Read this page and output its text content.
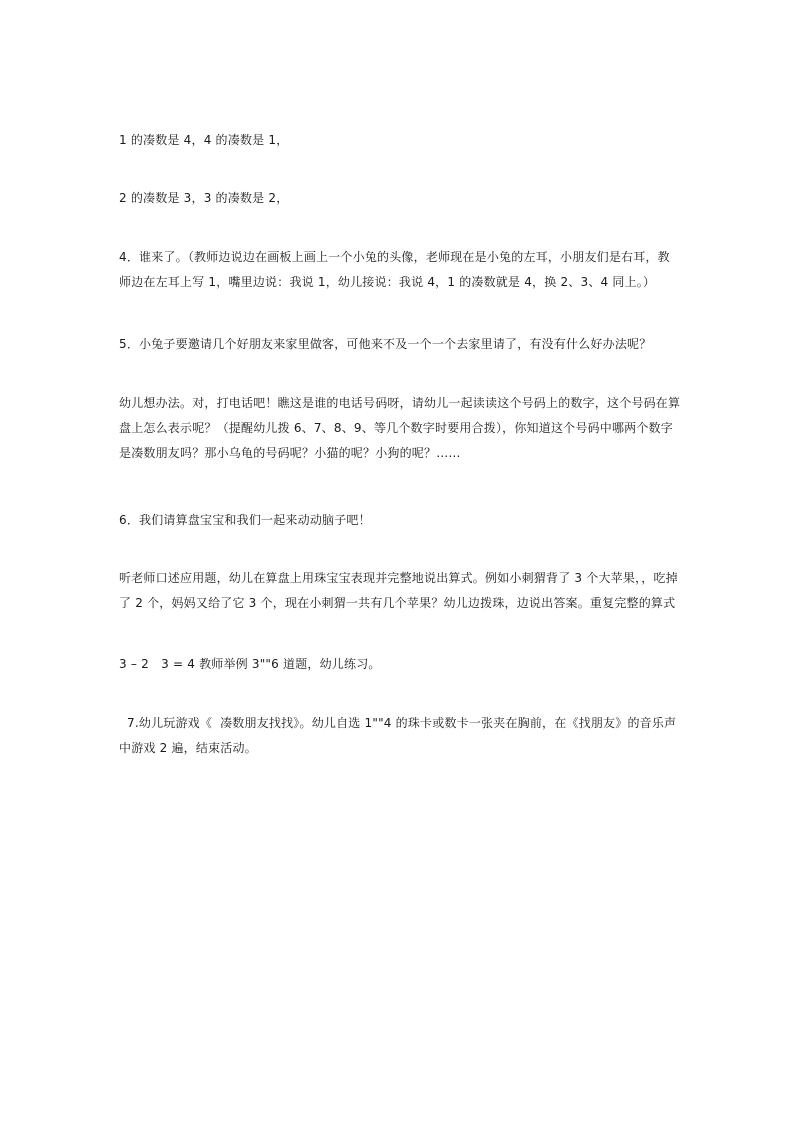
1 的凑数是 4，4 的凑数是 1，
2 的凑数是 3，3 的凑数是 2，
4．谁来了。（教师边说边在画板上画上一个小兔的头像，老师现在是小兔的左耳，小朋友们是右耳，教
师边在左耳上写 1，嘴里边说：我说 1，幼儿接说：我说 4，1 的凑数就是 4，换 2、3、4 同上。）
5．小兔子要邀请几个好朋友来家里做客，可他来不及一个一个去家里请了，有没有什么好办法呢？
幼儿想办法。对，打电话吧！瞧这是谁的电话号码呀，请幼儿一起读读这个号码上的数字，这个号码在算
盘上怎么表示呢？（提醒幼儿拨 6、7、8、9、等几个数字时要用合拨），你知道这个号码中哪两个数字
是凑数朋友吗？那小乌龟的号码呢？小猫的呢？小狗的呢？……
6．我们请算盘宝宝和我们一起来动动脑子吧！
听老师口述应用题，幼儿在算盘上用珠宝宝表现并完整地说出算式。例如小刺猬背了 3 个大苹果，，吃掉
了 2 个，妈妈又给了它 3 个，现在小刺猬一共有几个苹果？幼儿边拨珠，边说出答案。重复完整的算式
3 – 2　3 = 4 教师举例 3""6 道题，幼儿练习。
7.幼儿玩游戏《  凑数朋友找找》。幼儿自选 1""4 的珠卡或数卡一张夹在胸前，在《找朋友》的音乐声
中游戏 2 遍，结束活动。
